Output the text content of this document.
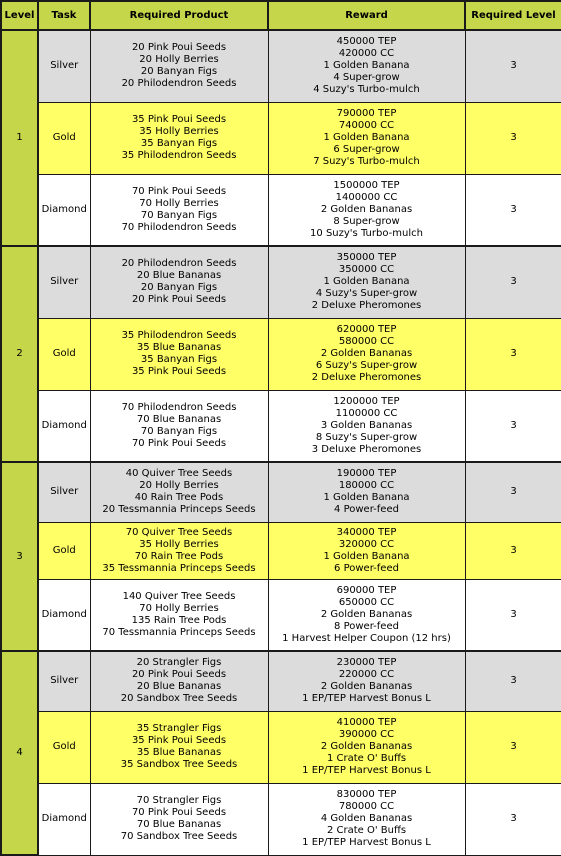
Level	Task	Required Product	Reward	Required Level
1	Silver	20 Pink Poui Seeds
20 Holly Berries
20 Banyan Figs
20 Philodendron Seeds	450000 TEP
420000 CC
1 Golden Banana
4 Super-grow
4 Suzy's Turbo-mulch	3
	Gold	35 Pink Poui Seeds
35 Holly Berries
35 Banyan Figs
35 Philodendron Seeds	790000 TEP
740000 CC
1 Golden Banana
6 Super-grow
7 Suzy's Turbo-mulch	3
	Diamond	70 Pink Poui Seeds
70 Holly Berries
70 Banyan Figs
70 Philodendron Seeds	1500000 TEP
1400000 CC
2 Golden Bananas
8 Super-grow
10 Suzy's Turbo-mulch	3
2	Silver	20 Philodendron Seeds
20 Blue Bananas
20 Banyan Figs
20 Pink Poui Seeds	350000 TEP
350000 CC
1 Golden Banana
4 Suzy's Super-grow
2 Deluxe Pheromones	3
	Gold	35 Philodendron Seeds
35 Blue Bananas
35 Banyan Figs
35 Pink Poui Seeds	620000 TEP
580000 CC
2 Golden Bananas
6 Suzy's Super-grow
2 Deluxe Pheromones	3
	Diamond	70 Philodendron Seeds
70 Blue Bananas
70 Banyan Figs
70 Pink Poui Seeds	1200000 TEP
1100000 CC
3 Golden Bananas
8 Suzy's Super-grow
3 Deluxe Pheromones	3
3	Silver	40 Quiver Tree Seeds
20 Holly Berries
40 Rain Tree Pods
20 Tessmannia Princeps Seeds	190000 TEP
180000 CC
1 Golden Banana
4 Power-feed	3
	Gold	70 Quiver Tree Seeds
35 Holly Berries
70 Rain Tree Pods
35 Tessmannia Princeps Seeds	340000 TEP
320000 CC
1 Golden Banana
6 Power-feed	3
	Diamond	140 Quiver Tree Seeds
70 Holly Berries
135 Rain Tree Pods
70 Tessmannia Princeps Seeds	690000 TEP
650000 CC
2 Golden Bananas
8 Power-feed
1 Harvest Helper Coupon (12 hrs)	3
4	Silver	20 Strangler Figs
20 Pink Poui Seeds
20 Blue Bananas
20 Sandbox Tree Seeds	230000 TEP
220000 CC
2 Golden Bananas
1 EP/TEP Harvest Bonus L	3
	Gold	35 Strangler Figs
35 Pink Poui Seeds
35 Blue Bananas
35 Sandbox Tree Seeds	410000 TEP
390000 CC
2 Golden Bananas
1 Crate O' Buffs
1 EP/TEP Harvest Bonus L	3
	Diamond	70 Strangler Figs
70 Pink Poui Seeds
70 Blue Bananas
70 Sandbox Tree Seeds	830000 TEP
780000 CC
4 Golden Bananas
2 Crate O' Buffs
1 EP/TEP Harvest Bonus L	3
